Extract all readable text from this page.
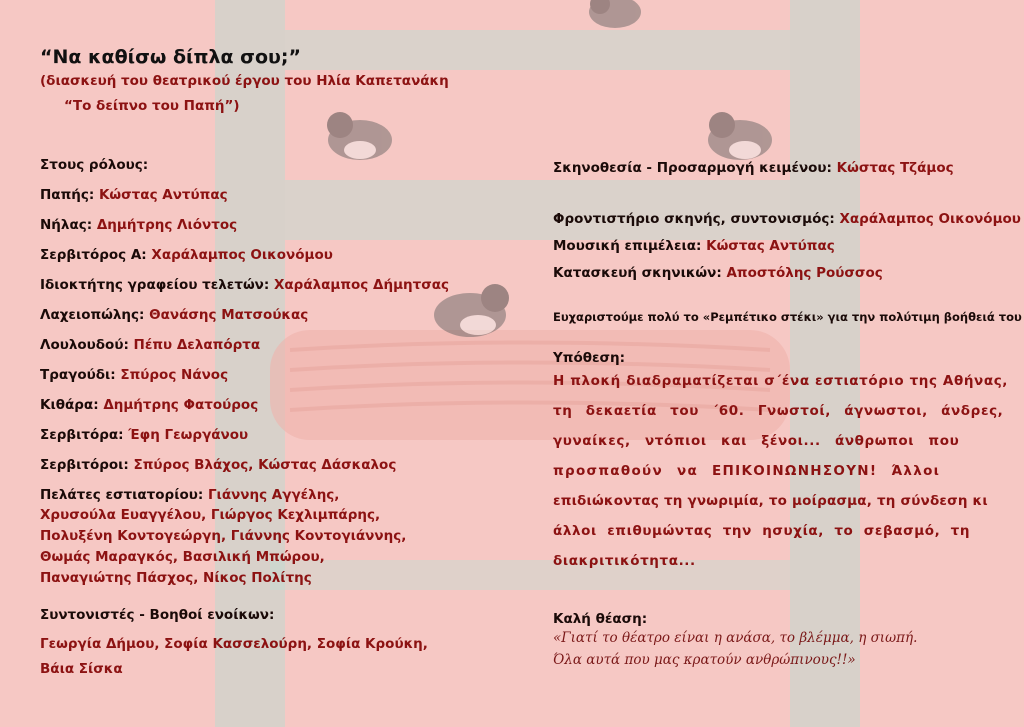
“Να καθίσω δίπλα σου;”
(διασκευή του θεατρικού έργου του Ηλία Καπετανάκη
“Το δείπνο του Παπή”)
Στους ρόλους:
Παπής: Κώστας Αντύπας
Νήλας: Δημήτρης Λιόντος
Σερβιτόρος Α: Χαράλαμπος Οικονόμου
Ιδιοκτήτης γραφείου τελετών: Χαράλαμπος Δήμητσας
Λαχειοπώλης: Θανάσης Ματσούκας
Λουλουδού: Πέπυ Δελαπόρτα
Τραγούδι: Σπύρος Νάνος
Κιθάρα: Δημήτρης Φατούρος
Σερβιτόρα: Έφη Γεωργάνου
Σερβιτόροι: Σπύρος Βλάχος, Κώστας Δάσκαλος
Πελάτες εστιατορίου: Γιάννης Αγγέλης,
Χρυσούλα Ευαγγέλου, Γιώργος Κεχλιμπάρης,
Πολυξένη Κοντογεώργη, Γιάννης Κοντογιάννης,
Θωμάς Μαραγκός, Βασιλική Μπώρου,
Παναγιώτης Πάσχος, Νίκος Πολίτης
Συντονιστές - Βοηθοί ενοίκων:
Γεωργία Δήμου, Σοφία Κασσελούρη, Σοφία Κρούκη,
Βάια Σίσκα
Σκηνοθεσία - Προσαρμογή κειμένου: Κώστας Τζάμος
Φροντιστήριο σκηνής, συντονισμός: Χαράλαμπος Οικονόμου
Μουσική επιμέλεια: Κώστας Αντύπας
Κατασκευή σκηνικών: Αποστόλης Ρούσσος
Ευχαριστούμε πολύ το «Ρεμπέτικο στέκι» για την πολύτιμη βοήθειά του
Υπόθεση:
Η πλοκή διαδραματίζεται σ΄ένα εστιατόριο της Αθήνας,
τη δεκαετία του ΄60. Γνωστοί, άγνωστοι, άνδρες,
γυναίκες, ντόπιοι και ξένοι... άνθρωποι που
προσπαθούν να ΕΠΙΚΟΙΝΩΝΗΣΟΥΝ! Άλλοι
επιδιώκοντας τη γνωριμία, το μοίρασμα, τη σύνδεση κι
άλλοι επιθυμώντας την ησυχία, το σεβασμό, τη
διακριτικότητα...
Καλή θέαση:
«Γιατί το θέατρο είναι η ανάσα, το βλέμμα, η σιωπή.
Όλα αυτά που μας κρατούν ανθρώπινους!!»
